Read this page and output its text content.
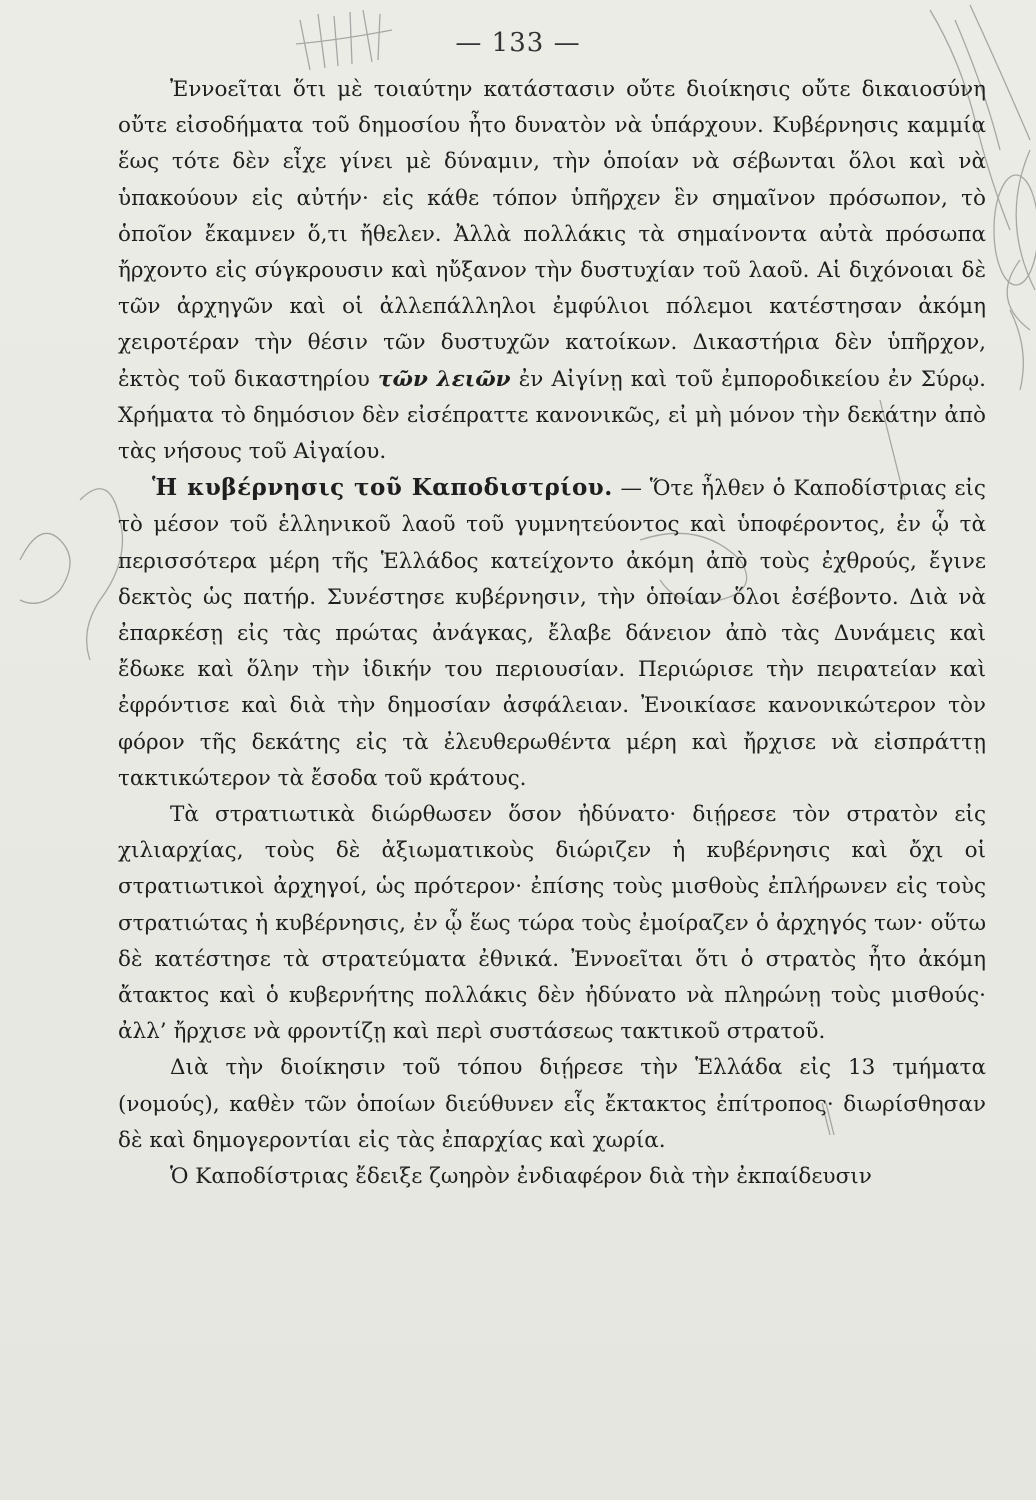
— 133 —

Ἐννοεῖται ὅτι μὲ τοιαύτην κατάστασιν οὔτε διοίκησις οὔτε δικαιοσύνη οὔτε εἰσοδήματα τοῦ δημοσίου ἦτο δυνατὸν νὰ ὑπάρχουν. Κυβέρνησις καμμία ἕως τότε δὲν εἶχε γίνει μὲ δύναμιν, τὴν ὁποίαν νὰ σέβωνται ὅλοι καὶ νὰ ὑπακούουν εἰς αὐτήν· εἰς κάθε τόπον ὑπῆρχεν ἓν σημαῖνον πρόσωπον, τὸ ὁποῖον ἔκαμνεν ὅ,τι ἤθελεν. Ἀλλὰ πολλάκις τὰ σημαίνοντα αὐτὰ πρόσωπα ἤρχοντο εἰς σύγκρουσιν καὶ ηὔξανον τὴν δυστυχίαν τοῦ λαοῦ. Αἱ διχόνοιαι δὲ τῶν ἀρχηγῶν καὶ οἱ ἀλλεπάλληλοι ἐμφύλιοι πόλεμοι κατέστησαν ἀκόμη χειροτέραν τὴν θέσιν τῶν δυστυχῶν κατοίκων. Δικαστήρια δὲν ὑπῆρχον, ἐκτὸς τοῦ δικαστηρίου τῶν λειῶν ἐν Αἰγίνῃ καὶ τοῦ ἐμποροδικείου ἐν Σύρῳ. Χρήματα τὸ δημόσιον δὲν εἰσέπραττε κανονικῶς, εἰ μὴ μόνον τὴν δεκάτην ἀπὸ τὰς νήσους τοῦ Αἰγαίου.

Ἡ κυβέρνησις τοῦ Καποδιστρίου. — Ὅτε ἦλθεν ὁ Καποδίστριας εἰς τὸ μέσον τοῦ ἑλληνικοῦ λαοῦ τοῦ γυμνητεύοντος καὶ ὑποφέροντος, ἐν ᾧ τὰ περισσότερα μέρη τῆς Ἑλλάδος κατείχοντο ἀκόμη ἀπὸ τοὺς ἐχθρούς, ἔγινε δεκτὸς ὡς πατήρ. Συνέστησε κυβέρνησιν, τὴν ὁποίαν ὅλοι ἐσέβοντο. Διὰ νὰ ἐπαρκέσῃ εἰς τὰς πρώτας ἀνάγκας, ἔλαβε δάνειον ἀπὸ τὰς Δυνάμεις καὶ ἔδωκε καὶ ὅλην τὴν ἰδικήν του περιουσίαν. Περιώρισε τὴν πειρατείαν καὶ ἐφρόντισε καὶ διὰ τὴν δημοσίαν ἀσφάλειαν. Ἐνοικίασε κανονικώτερον τὸν φόρον τῆς δεκάτης εἰς τὰ ἐλευθερωθέντα μέρη καὶ ἤρχισε νὰ εἰσπράττῃ τακτικώτερον τὰ ἔσοδα τοῦ κράτους.

Τὰ στρατιωτικὰ διώρθωσεν ὅσον ἠδύνατο· διῄρεσε τὸν στρατὸν εἰς χιλιαρχίας, τοὺς δὲ ἀξιωματικοὺς διώριζεν ἡ κυβέρνησις καὶ ὄχι οἱ στρατιωτικοὶ ἀρχηγοί, ὡς πρότερον· ἐπίσης τοὺς μισθοὺς ἐπλήρωνεν εἰς τοὺς στρατιώτας ἡ κυβέρνησις, ἐν ᾧ ἕως τώρα τοὺς ἐμοίραζεν ὁ ἀρχηγός των· οὕτω δὲ κατέστησε τὰ στρατεύματα ἐθνικά. Ἐννοεῖται ὅτι ὁ στρατὸς ἦτο ἀκόμη ἄτακτος καὶ ὁ κυβερνήτης πολλάκις δὲν ἠδύνατο νὰ πληρώνῃ τοὺς μισθούς· ἀλλ’ ἤρχισε νὰ φροντίζῃ καὶ περὶ συστάσεως τακτικοῦ στρατοῦ.

Διὰ τὴν διοίκησιν τοῦ τόπου διῄρεσε τὴν Ἑλλάδα εἰς 13 τμήματα (νομούς), καθὲν τῶν ὁποίων διεύθυνεν εἷς ἔκτακτος ἐπίτροπος· διωρίσθησαν δὲ καὶ δημογεροντίαι εἰς τὰς ἐπαρχίας καὶ χωρία.

Ὁ Καποδίστριας ἔδειξε ζωηρὸν ἐνδιαφέρον διὰ τὴν ἐκπαίδευσιν
